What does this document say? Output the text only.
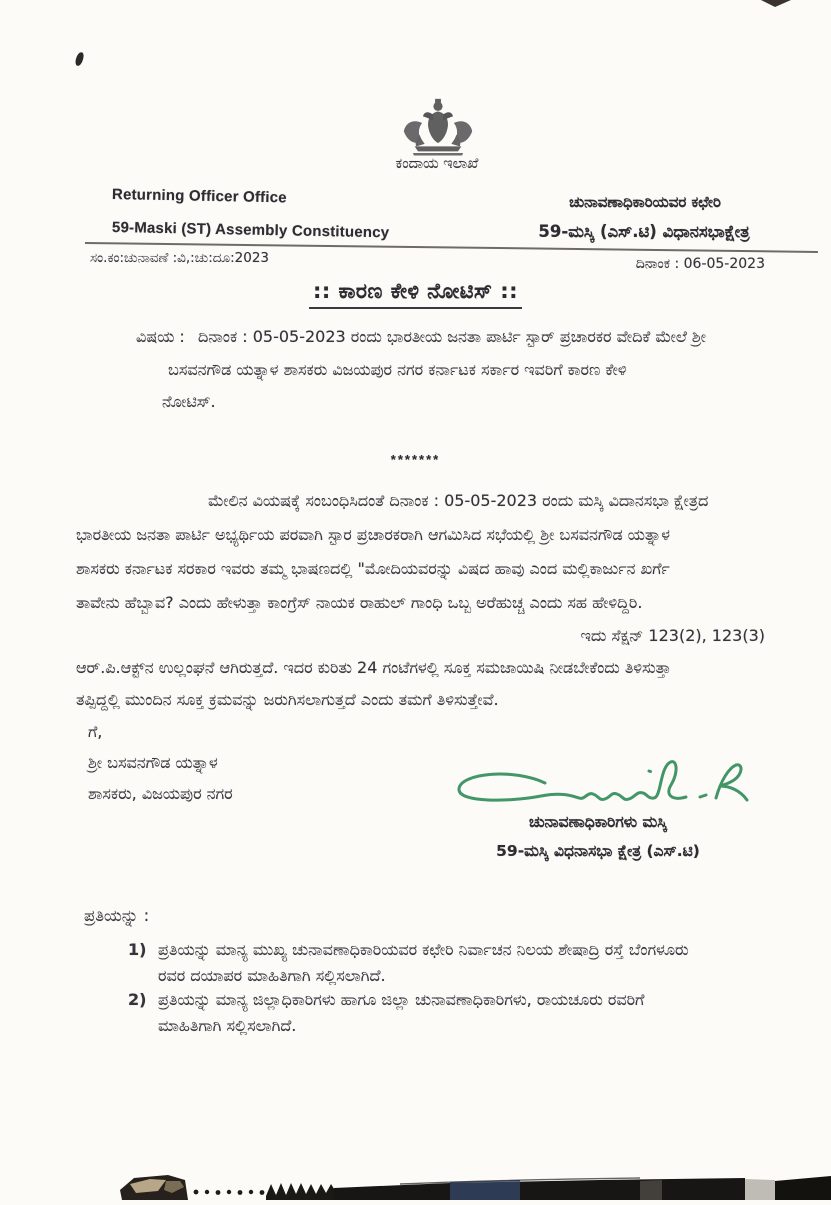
ಕಂದಾಯ ಇಲಾಖೆ
Returning Officer Office
59-Maski (ST) Assembly Constituency
ಚುನಾವಣಾಧಿಕಾರಿಯವರ ಕಛೇರಿ
59-ಮಸ್ಕಿ (ಎಸ್.ಟಿ) ವಿಧಾನಸಭಾಕ್ಷೇತ್ರ
ಸಂ.ಕಂ:ಚುನಾವಣೆ :ವಿ,:ಚು:ದೂ:2023	ದಿನಾಂಕ : 06-05-2023
:: ಕಾರಣ ಕೇಳಿ ನೋಟಿಸ್ ::
ವಿಷಯ : ದಿನಾಂಕ : 05-05-2023 ರಂದು ಭಾರತೀಯ ಜನತಾ ಪಾರ್ಟಿ ಸ್ಟಾರ್ ಪ್ರಚಾರಕರ ವೇದಿಕೆ ಮೇಲೆ ಶ್ರೀ
ಬಸವನಗೌಡ ಯತ್ನಾಳ ಶಾಸಕರು ವಿಜಯಪುರ ನಗರ ಕರ್ನಾಟಕ ಸರ್ಕಾರ ಇವರಿಗೆ ಕಾರಣ ಕೇಳಿ
ನೋಟಿಸ್.
*******
ಮೇಲಿನ ವಿಯಷಕ್ಕೆ ಸಂಬಂಧಿಸಿದಂತೆ ದಿನಾಂಕ : 05-05-2023 ರಂದು ಮಸ್ಕಿ ವಿದಾನಸಭಾ ಕ್ಷೇತ್ರದ
ಭಾರತೀಯ ಜನತಾ ಪಾರ್ಟಿ ಅಭ್ಯರ್ಥಿಯ ಪರವಾಗಿ ಸ್ಟಾರ ಪ್ರಚಾರಕರಾಗಿ ಆಗಮಿಸಿದ ಸಭೆಯಲ್ಲಿ ಶ್ರೀ ಬಸವನಗೌಡ ಯತ್ನಾಳ
ಶಾಸಕರು ಕರ್ನಾಟಕ ಸರಕಾರ ಇವರು ತಮ್ಮ ಭಾಷಣದಲ್ಲಿ "ಮೋದಿಯವರನ್ನು ವಿಷದ ಹಾವು ಎಂದ ಮಲ್ಲಿಕಾರ್ಜುನ ಖರ್ಗೆ
ತಾವೇನು ಹೆಬ್ಬಾವ? ಎಂದು ಹೇಳುತ್ತಾ ಕಾಂಗ್ರೆಸ್ ನಾಯಕ ರಾಹುಲ್ ಗಾಂಧಿ ಒಬ್ಬ ಅರೆಹುಚ್ಚ ಎಂದು ಸಹ ಹೇಳಿದ್ದಿರಿ.
ಇದು ಸೆಕ್ಷನ್ 123(2), 123(3)
ಆರ್.ಪಿ.ಆಕ್ಟ್‌ನ ಉಲ್ಲಂಘನೆ ಆಗಿರುತ್ತದೆ. ಇದರ ಕುರಿತು 24 ಗಂಟೆಗಳಲ್ಲಿ ಸೂಕ್ತ ಸಮಜಾಯಿಷಿ ನೀಡಬೇಕೆಂದು ತಿಳಿಸುತ್ತಾ
ತಪ್ಪಿದ್ದಲ್ಲಿ ಮುಂದಿನ ಸೂಕ್ತ ಕ್ರಮವನ್ನು ಜರುಗಿಸಲಾಗುತ್ತದೆ ಎಂದು ತಮಗೆ ತಿಳಿಸುತ್ತೇವೆ.
ಗೆ,
ಶ್ರೀ ಬಸವನಗೌಡ ಯತ್ನಾಳ
ಶಾಸಕರು, ವಿಜಯಪುರ ನಗರ
ಚುನಾವಣಾಧಿಕಾರಿಗಳು ಮಸ್ಕಿ
59-ಮಸ್ಕಿ ವಿಧನಾಸಭಾ ಕ್ಷೇತ್ರ (ಎಸ್.ಟಿ)
ಪ್ರತಿಯನ್ನು :
1) ಪ್ರತಿಯನ್ನು ಮಾನ್ಯ ಮುಖ್ಯ ಚುನಾವಣಾಧಿಕಾರಿಯವರ ಕಛೇರಿ ನಿರ್ವಾಚನ ನಿಲಯ ಶೇಷಾದ್ರಿ ರಸ್ತೆ ಬೆಂಗಳೂರು
ರವರ ದಯಾಪರ ಮಾಹಿತಿಗಾಗಿ ಸಲ್ಲಿಸಲಾಗಿದೆ.
2) ಪ್ರತಿಯನ್ನು ಮಾನ್ಯ ಜಿಲ್ಲಾಧಿಕಾರಿಗಳು ಹಾಗೂ ಜಿಲ್ಲಾ ಚುನಾವಣಾಧಿಕಾರಿಗಳು, ರಾಯಚೂರು ರವರಿಗೆ
ಮಾಹಿತಿಗಾಗಿ ಸಲ್ಲಿಸಲಾಗಿದೆ.
